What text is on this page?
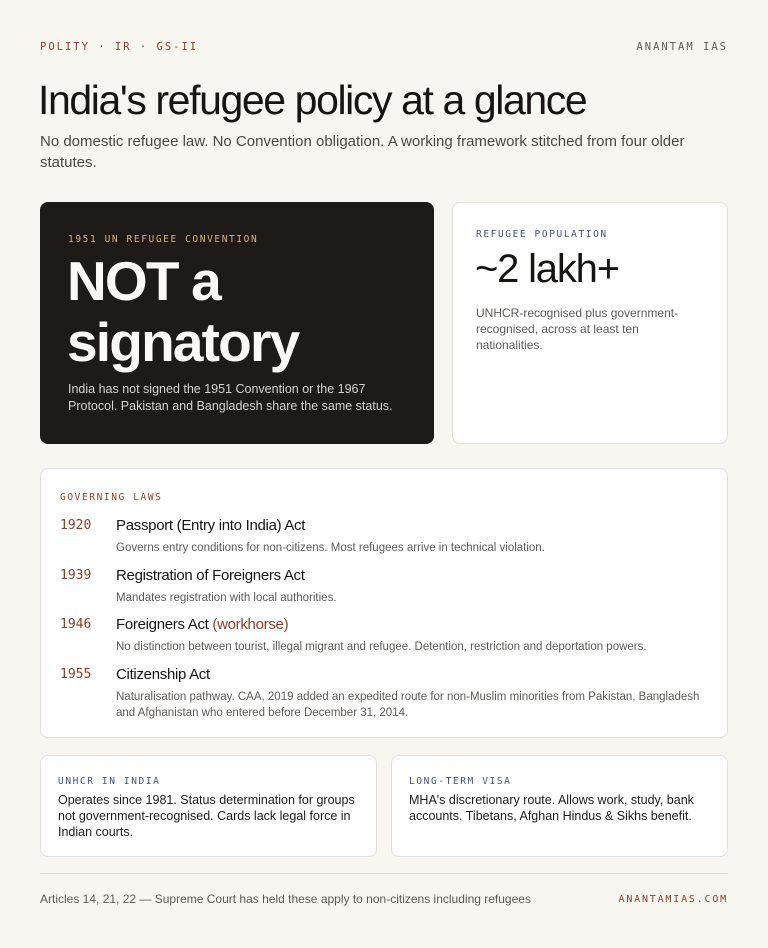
POLITY · IR · GS-II	ANANTAM IAS
India's refugee policy at a glance

No domestic refugee law. No Convention obligation. A working framework stitched from four older statutes.

1951 UN REFUGEE CONVENTION
NOT a signatory
India has not signed the 1951 Convention or the 1967 Protocol. Pakistan and Bangladesh share the same status.
REFUGEE POPULATION
~2 lakh+
UNHCR-recognised plus government-recognised, across at least ten nationalities.
GOVERNING LAWS
1920 Passport (Entry into India) Act
Governs entry conditions for non-citizens. Most refugees arrive in technical violation.
1939 Registration of Foreigners Act
Mandates registration with local authorities.
1946 Foreigners Act (workhorse)
No distinction between tourist, illegal migrant and refugee. Detention, restriction and deportation powers.
1955 Citizenship Act
Naturalisation pathway. CAA, 2019 added an expedited route for non-Muslim minorities from Pakistan, Bangladesh and Afghanistan who entered before December 31, 2014.
UNHCR IN INDIA
Operates since 1981. Status determination for groups not government-recognised. Cards lack legal force in Indian courts.
LONG-TERM VISA
MHA's discretionary route. Allows work, study, bank accounts. Tibetans, Afghan Hindus & Sikhs benefit.
Articles 14, 21, 22 — Supreme Court has held these apply to non-citizens including refugees	ANANTAMIAS.COM
